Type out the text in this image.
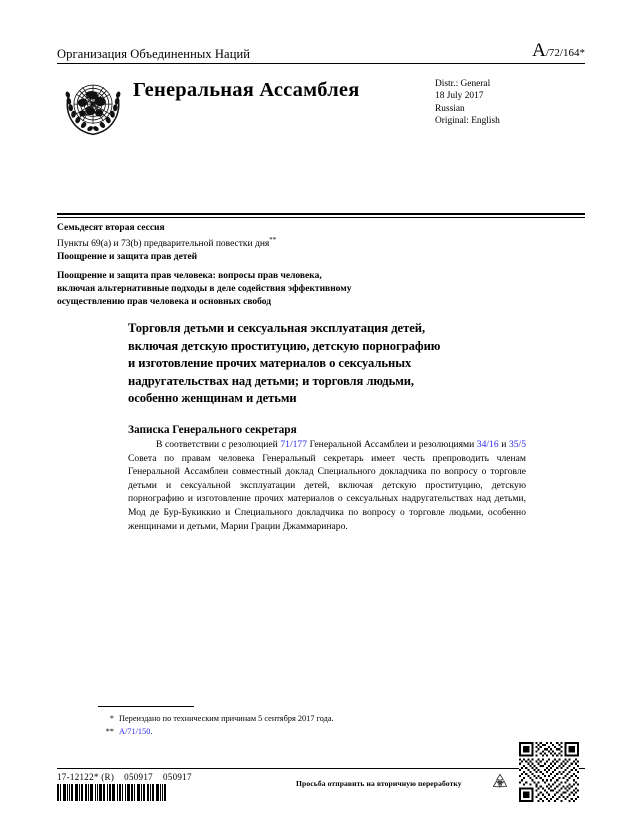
Организация Объединенных Наций	A/72/164*
Генеральная Ассамблея	Distr.: General
18 July 2017
Russian
Original: English
Семьдесят вторая сессия
Пункты 69(a) и 73(b) предварительной повестки дня**
Поощрение и защита прав детей
Поощрение и защита прав человека: вопросы прав человека,
включая альтернативные подходы в деле содействия эффективному
осуществлению прав человека и основных свобод
Торговля детьми и сексуальная эксплуатация детей,
включая детскую проституцию, детскую порнографию
и изготовление прочих материалов о сексуальных
надругательствах над детьми; и торговля людьми,
особенно женщинам и детьми
Записка Генерального секретаря
В соответствии с резолюцией 71/177 Генеральной Ассамблеи и резолюциями 34/16 и 35/5 Совета по правам человека Генеральный секретарь имеет честь препроводить членам Генеральной Ассамблеи совместный доклад Специального докладчика по вопросу о торговле детьми и сексуальной эксплуатации детей, включая детскую проституцию, детскую порнографию и изготовление прочих материалов о сексуальных надругательствах над детьми, Мод де Бур-Букиккио и Специального докладчика по вопросу о торговле людьми, особенно женщинами и детьми, Марии Грации Джаммаринаро.
* Переиздано по техническим причинам 5 сентября 2017 года.
** A/71/150.
17-12122* (R) 050917 050917
Просьба отправить на вторичную переработку
